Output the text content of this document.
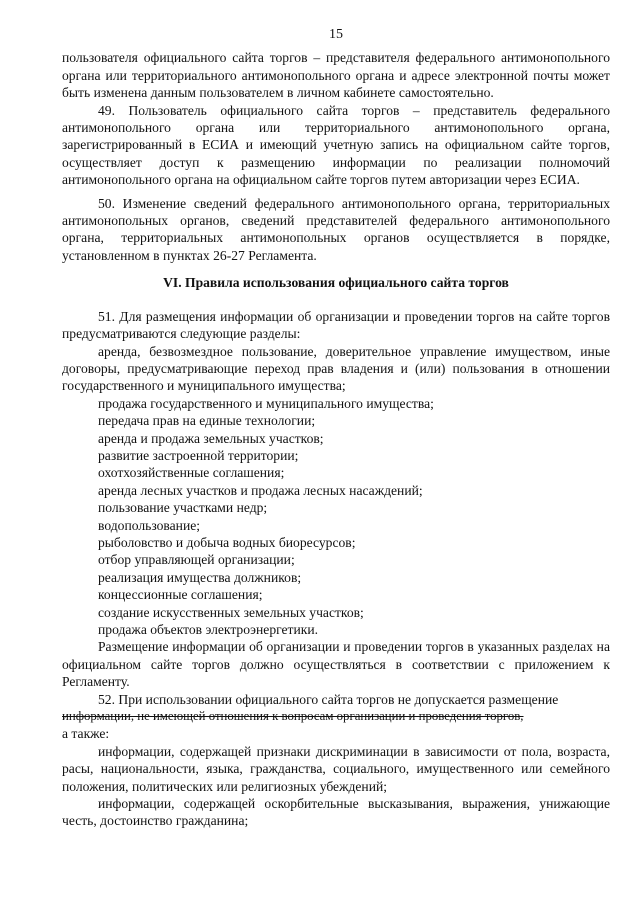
15

пользователя официального сайта торгов – представителя федерального антимонопольного органа или территориального антимонопольного органа и адресе электронной почты может быть изменена данным пользователем в личном кабинете самостоятельно.

49. Пользователь официального сайта торгов – представитель федерального антимонопольного органа или территориального антимонопольного органа, зарегистрированный в ЕСИА и имеющий учетную запись на официальном сайте торгов, осуществляет доступ к размещению информации по реализации полномочий антимонопольного органа на официальном сайте торгов путем авторизации через ЕСИА.

50. Изменение сведений федерального антимонопольного органа, территориальных антимонопольных органов, сведений представителей федерального антимонопольного органа, территориальных антимонопольных органов осуществляется в порядке, установленном в пунктах 26-27 Регламента.

VI. Правила использования официального сайта торгов

51. Для размещения информации об организации и проведении торгов на сайте торгов предусматриваются следующие разделы:

аренда, безвозмездное пользование, доверительное управление имуществом, иные договоры, предусматривающие переход прав владения и (или) пользования в отношении государственного и муниципального имущества;

продажа государственного и муниципального имущества;

передача прав на единые технологии;

аренда и продажа земельных участков;

развитие застроенной территории;

охотхозяйственные соглашения;

аренда лесных участков и продажа лесных насаждений;

пользование участками недр;

водопользование;

рыболовство и добыча водных биоресурсов;

отбор управляющей организации;

реализация имущества должников;

концессионные соглашения;

создание искусственных земельных участков;

продажа объектов электроэнергетики.

Размещение информации об организации и проведении торгов в указанных разделах на официальном сайте торгов должно осуществляться в соответствии с приложением к Регламенту.

52. При использовании официального сайта торгов не допускается размещение

информации, не имеющей отношения к вопросам организации и проведения торгов,

а также:

информации, содержащей признаки дискриминации в зависимости от пола, возраста, расы, национальности, языка, гражданства, социального, имущественного или семейного положения, политических или религиозных убеждений;

информации, содержащей оскорбительные высказывания, выражения, унижающие честь, достоинство гражданина;
